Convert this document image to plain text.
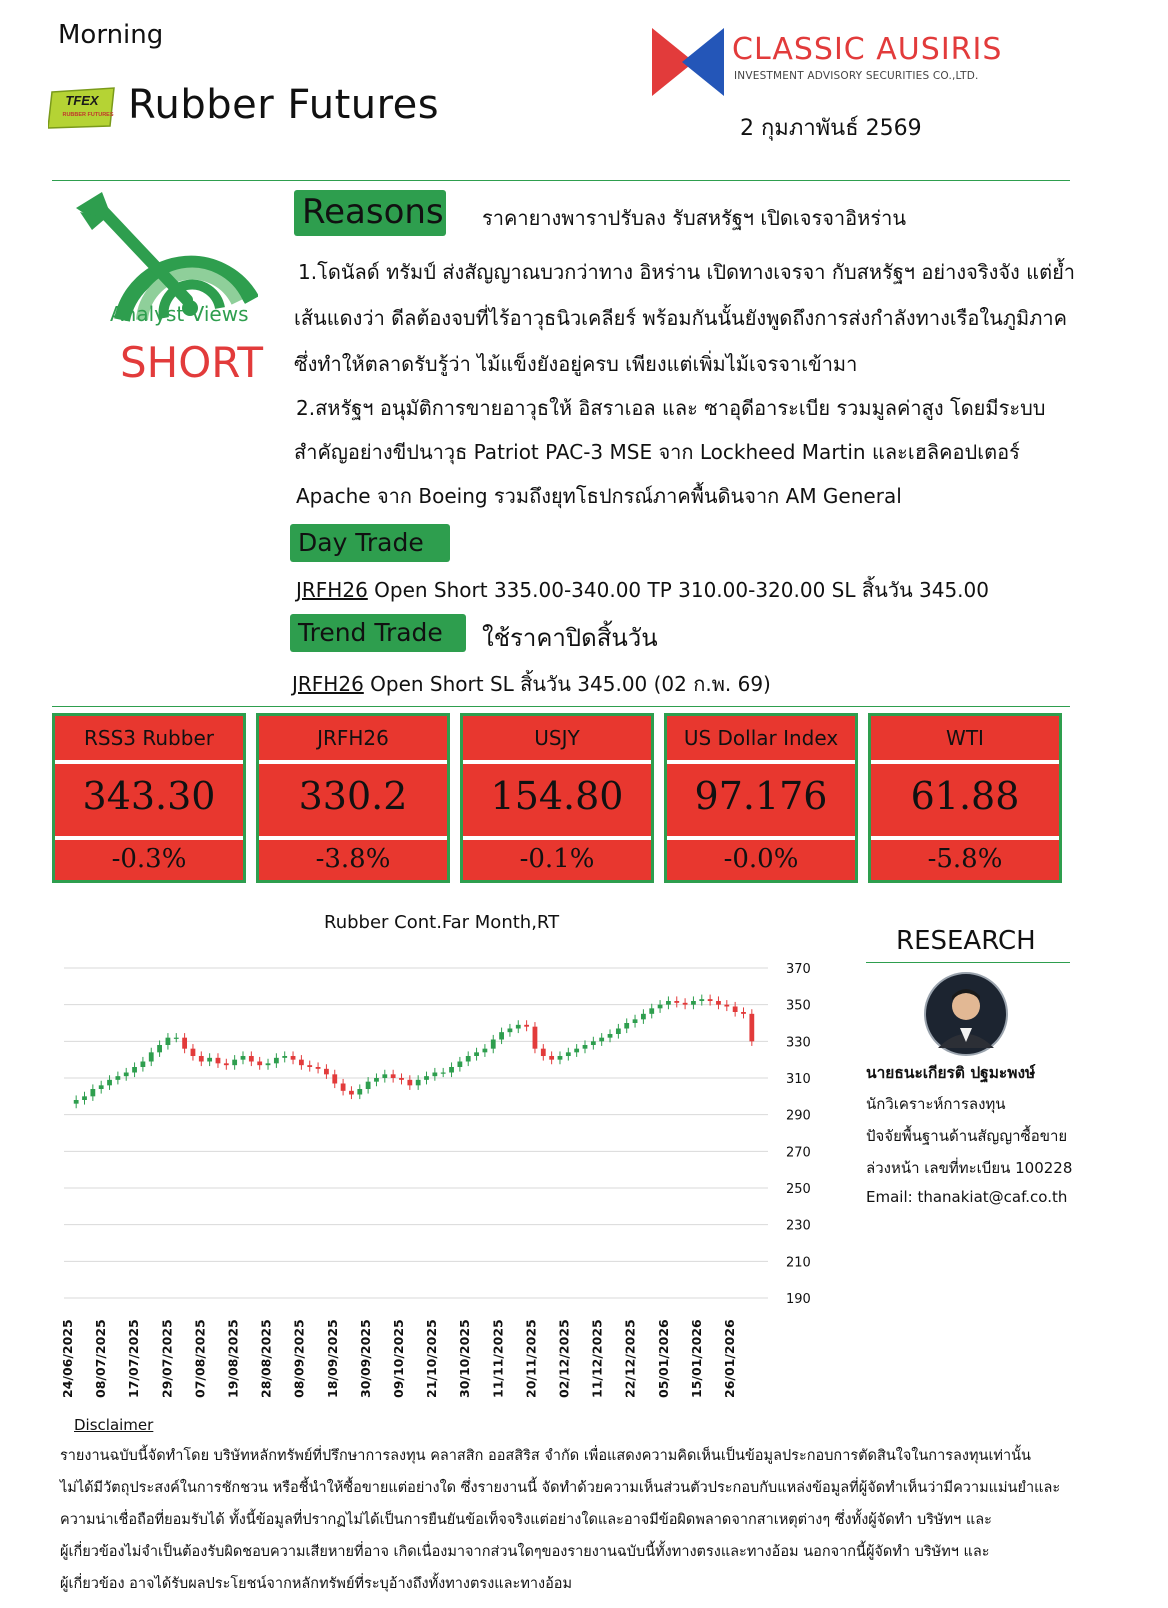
Morning
TFEX
RUBBER FUTURES Rubber Futures
CLASSIC AUSIRIS
INVESTMENT ADVISORY SECURITIES CO.,LTD.
2 กุมภาพันธ์ 2569
Analyst Views
SHORT
Reasons ราคายางพาราปรับลง รับสหรัฐฯ เปิดเจรจาอิหร่าน
1.โดนัลด์ ทรัมป์ ส่งสัญญาณบวกว่าทาง อิหร่าน เปิดทางเจรจา กับสหรัฐฯ อย่างจริงจัง แต่ย้ำ
เส้นแดงว่า ดีลต้องจบที่ไร้อาวุธนิวเคลียร์ พร้อมกันนั้นยังพูดถึงการส่งกำลังทางเรือในภูมิภาค
ซึ่งทำให้ตลาดรับรู้ว่า ไม้แข็งยังอยู่ครบ เพียงแต่เพิ่มไม้เจรจาเข้ามา
2.สหรัฐฯ อนุมัติการขายอาวุธให้ อิสราเอล และ ซาอุดีอาระเบีย รวมมูลค่าสูง โดยมีระบบ
สำคัญอย่างขีปนาวุธ Patriot PAC-3 MSE จาก Lockheed Martin และเฮลิคอปเตอร์
Apache จาก Boeing รวมถึงยุทโธปกรณ์ภาคพื้นดินจาก AM General
Day Trade
JRFH26 Open Short 335.00-340.00 TP 310.00-320.00 SL สิ้นวัน 345.00
Trend Trade	ใช้ราคาปิดสิ้นวัน
JRFH26 Open Short SL สิ้นวัน 345.00 (02 ก.พ. 69)
RSS3 Rubber
343.30
-0.3%
JRFH26
330.2
-3.8%
USJY
154.80
-0.1%
US Dollar Index
97.176
-0.0%
WTI
61.88
-5.8%
Rubber Cont.Far Month,RT
370
350
330
310
290
270
250
230
210
190
24/06/2025 08/07/2025 17/07/2025 29/07/2025 07/08/2025 19/08/2025 28/08/2025 08/09/2025 18/09/2025 30/09/2025 09/10/2025 21/10/2025 30/10/2025 11/11/2025 20/11/2025 02/12/2025 11/12/2025 22/12/2025 05/01/2026 15/01/2026 26/01/2026
RESEARCH
นายธนะเกียรติ ปฐมะพงษ์
นักวิเคราะห์การลงทุน
ปัจจัยพื้นฐานด้านสัญญาซื้อขาย
ล่วงหน้า เลขที่ทะเบียน 100228
Email: thanakiat@caf.co.th
Disclaimer
รายงานฉบับนี้จัดทำโดย บริษัทหลักทรัพย์ที่ปรึกษาการลงทุน คลาสสิก ออสสิริส จำกัด เพื่อแสดงความคิดเห็นเป็นข้อมูลประกอบการตัดสินใจในการลงทุนเท่านั้น
ไม่ได้มีวัตถุประสงค์ในการชักชวน หรือชี้นำให้ซื้อขายแต่อย่างใด ซึ่งรายงานนี้ จัดทำด้วยความเห็นส่วนตัวประกอบกับแหล่งข้อมูลที่ผู้จัดทำเห็นว่ามีความแม่นยำและ
ความน่าเชื่อถือที่ยอมรับได้ ทั้งนี้ข้อมูลที่ปรากฏไม่ได้เป็นการยืนยันข้อเท็จจริงแต่อย่างใดและอาจมีข้อผิดพลาดจากสาเหตุต่างๆ ซึ่งทั้งผู้จัดทำ บริษัทฯ และ
ผู้เกี่ยวข้องไม่จำเป็นต้องรับผิดชอบความเสียหายที่อาจ เกิดเนื่องมาจากส่วนใดๆของรายงานฉบับนี้ทั้งทางตรงและทางอ้อม นอกจากนี้ผู้จัดทำ บริษัทฯ และ
ผู้เกี่ยวข้อง อาจได้รับผลประโยชน์จากหลักทรัพย์ที่ระบุอ้างถึงทั้งทางตรงและทางอ้อม
